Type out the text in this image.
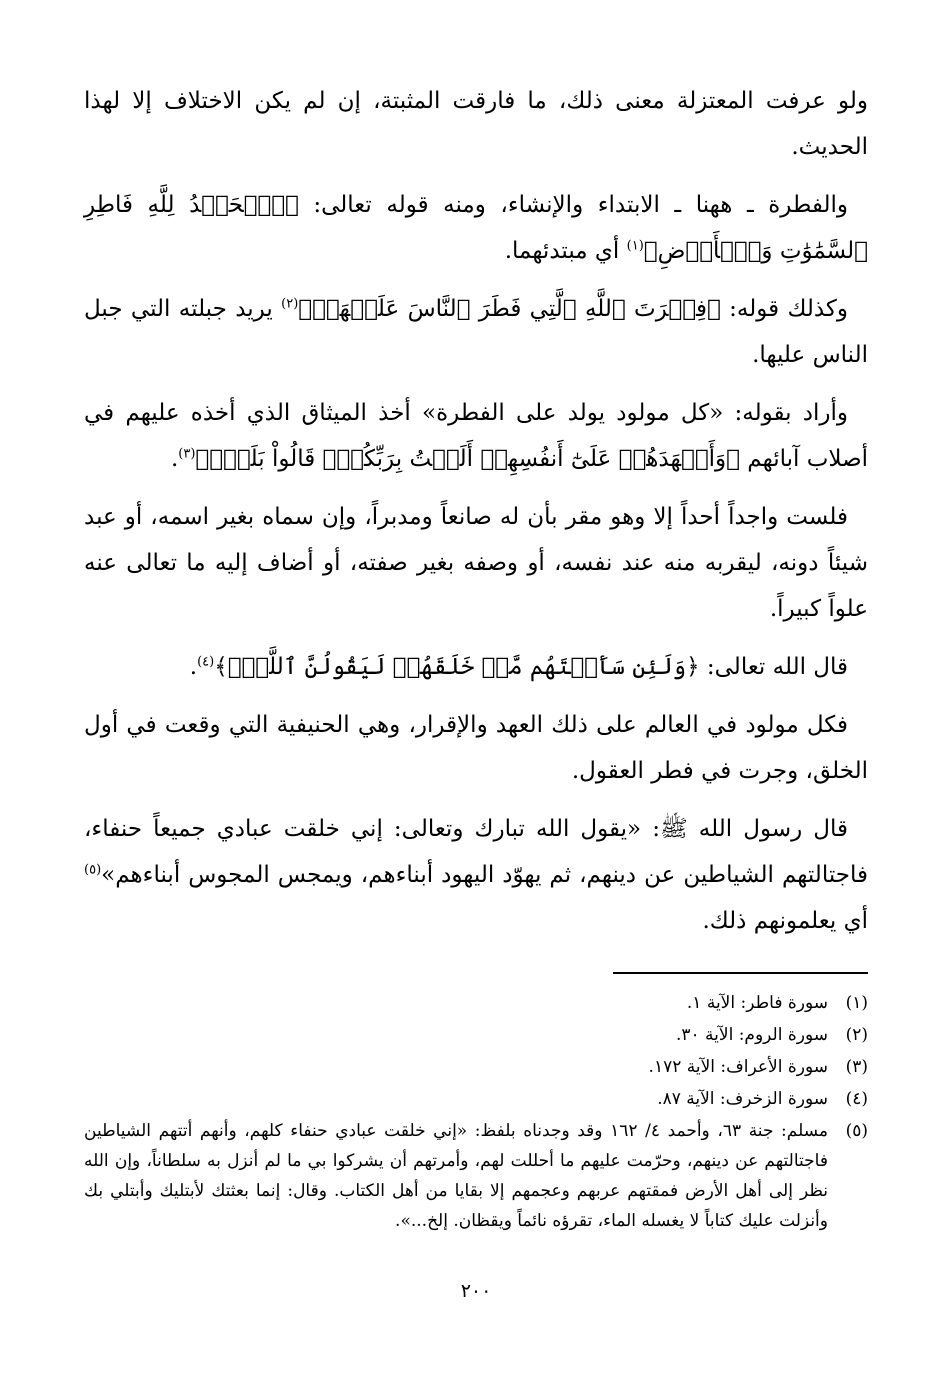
ولو عرفت المعتزلة معنى ذلك، ما فارقت المثبتة، إن لم يكن الاختلاف إلا لهذا الحديث.

والفطرة ـ ههنا ـ الابتداء والإنشاء، ومنه قوله تعالى: ﴿ٱلۡحَمۡدُ لِلَّهِ فَاطِرِ ٱلسَّمَٰوَٰتِ وَٱلۡأَرۡضِ﴾$^{(١)}$ أي مبتدئهما.

وكذلك قوله: ﴿فِطۡرَتَ ٱللَّهِ ٱلَّتِي فَطَرَ ٱلنَّاسَ عَلَيۡهَاۚ﴾$^{(٢)}$ يريد جبلته التي جبل الناس عليها.

وأراد بقوله: «كل مولود يولد على الفطرة» أخذ الميثاق الذي أخذه عليهم في أصلاب آبائهم ﴿وَأَشۡهَدَهُمۡ عَلَىٰٓ أَنفُسِهِمۡ أَلَسۡتُ بِرَبِّكُمۡۖ قَالُواْ بَلَىٰۛ﴾$^{(٣)}$.

فلست واجداً أحداً إلا وهو مقر بأن له صانعاً ومدبراً، وإن سماه بغير اسمه، أو عبد شيئاً دونه، ليقربه منه عند نفسه، أو وصفه بغير صفته، أو أضاف إليه ما تعالى عنه علواً كبيراً.

قال الله تعالى: ﴿وَلَئِن سَأَلۡتَهُم مَّنۡ خَلَقَهُمۡ لَيَقُولُنَّ ٱللَّهُۖ﴾$^{(٤)}$.

فكل مولود في العالم على ذلك العهد والإقرار، وهي الحنيفية التي وقعت في أول الخلق، وجرت في فطر العقول.

قال رسول الله ﷺ: «يقول الله تبارك وتعالى: إني خلقت عبادي جميعاً حنفاء، فاجتالتهم الشياطين عن دينهم، ثم يهوّد اليهود أبناءهم، ويمجس المجوس أبناءهم»$^{(٥)}$ أي يعلمونهم ذلك.

(١)
سورة فاطر: الآية ١.
(٢)
سورة الروم: الآية ٣٠.
(٣)
سورة الأعراف: الآية ١٧٢.
(٤)
سورة الزخرف: الآية ٨٧.
(٥)
مسلم: جنة ٦٣، وأحمد ٤/ ١٦٢ وقد وجدناه بلفظ: «إني خلقت عبادي حنفاء كلهم، وأنهم أتتهم الشياطين فاجتالتهم عن دينهم، وحرّمت عليهم ما أحللت لهم، وأمرتهم أن يشركوا بي ما لم أنزل به سلطاناً، وإن الله نظر إلى أهل الأرض فمقتهم عربهم وعجمهم إلا بقايا من أهل الكتاب. وقال: إنما بعثتك لأبتليك وأبتلي بك وأنزلت عليك كتاباً لا يغسله الماء، تقرؤه نائماً ويقظان. إلخ...».
٢٠٠
